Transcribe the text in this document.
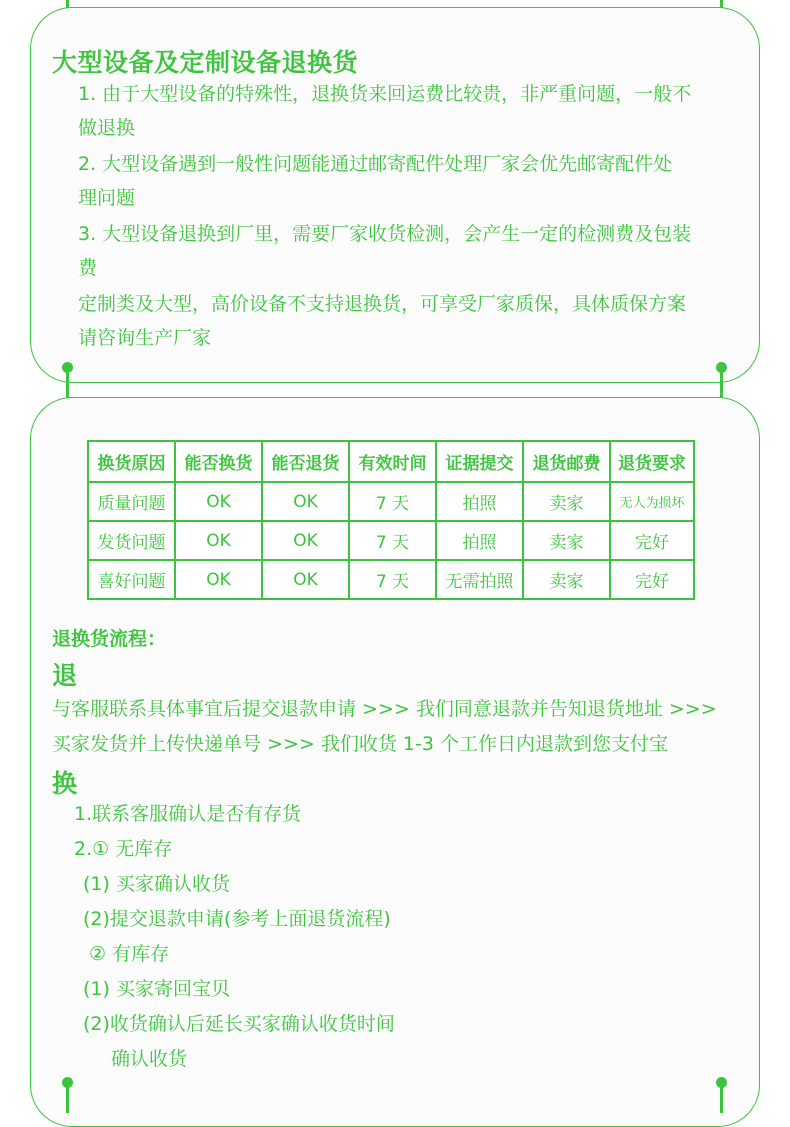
大型设备及定制设备退换货
1. 由于大型设备的特殊性，退换货来回运费比较贵，非严重问题，一般不
做退换
2. 大型设备遇到一般性问题能通过邮寄配件处理厂家会优先邮寄配件处
理问题
3. 大型设备退换到厂里，需要厂家收货检测，会产生一定的检测费及包装
费
定制类及大型，高价设备不支持退换货，可享受厂家质保，具体质保方案
请咨询生产厂家
换货原因	能否换货	能否退货	有效时间	证据提交	退货邮费	退货要求
质量问题	OK	OK	7 天	拍照	卖家	无人为损坏
发货问题	OK	OK	7 天	拍照	卖家	完好
喜好问题	OK	OK	7 天	无需拍照	卖家	完好
退换货流程：
退
与客服联系具体事宜后提交退款申请 >>> 我们同意退款并告知退货地址 >>>
买家发货并上传快递单号 >>> 我们收货 1-3 个工作日内退款到您支付宝
换
1.联系客服确认是否有存货
2.① 无库存
(1) 买家确认收货
(2)提交退款申请(参考上面退货流程)
② 有库存
(1) 买家寄回宝贝
(2)收货确认后延长买家确认收货时间
确认收货
